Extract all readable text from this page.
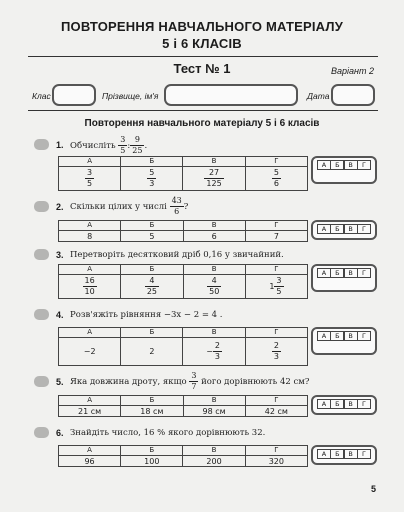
ПОВТОРЕННЯ НАВЧАЛЬНОГО МАТЕРІАЛУ
5 і 6 КЛАСІВ
Тест № 1	Варіант 2
Клас	Прізвище, ім'я	Дата
Повторення навчального матеріалу 5 і 6 класів
1. Обчисліть $\frac{3}{5}$ : $\frac{9}{25}$ .
А	Б	В	Г

$\frac{3}{5}$	$\frac{5}{3}$	$\frac{27}{125}$	$\frac{5}{6}$
А	Б	В	Г
2. Скільки цілих у числі $\frac{43}{6}$ ?
А	Б	В	Г
8	5	6	7
А	Б	В	Г
3. Перетворіть десятковий дріб 0,16 у звичайний.
А	Б	В	Г

$\frac{16}{10}$	$\frac{4}{25}$	$\frac{4}{50}$	$1 \frac{3}{5}$
А	Б	В	Г
4. Розв'яжіть рівняння −3x − 2 = 4 .
А	Б	В	Г
−2	2	− $\frac{2}{3}$	$\frac{2}{3}$
А	Б	В	Г
5. Яка довжина дроту, якщо $\frac{3}{7}$ його дорівнюють 42 см?
А	Б	В	Г
21 см	18 см	98 см	42 см
А	Б	В	Г
6. Знайдіть число, 16 % якого дорівнюють 32.
А	Б	В	Г
96	100	200	320
А	Б	В	Г
5
